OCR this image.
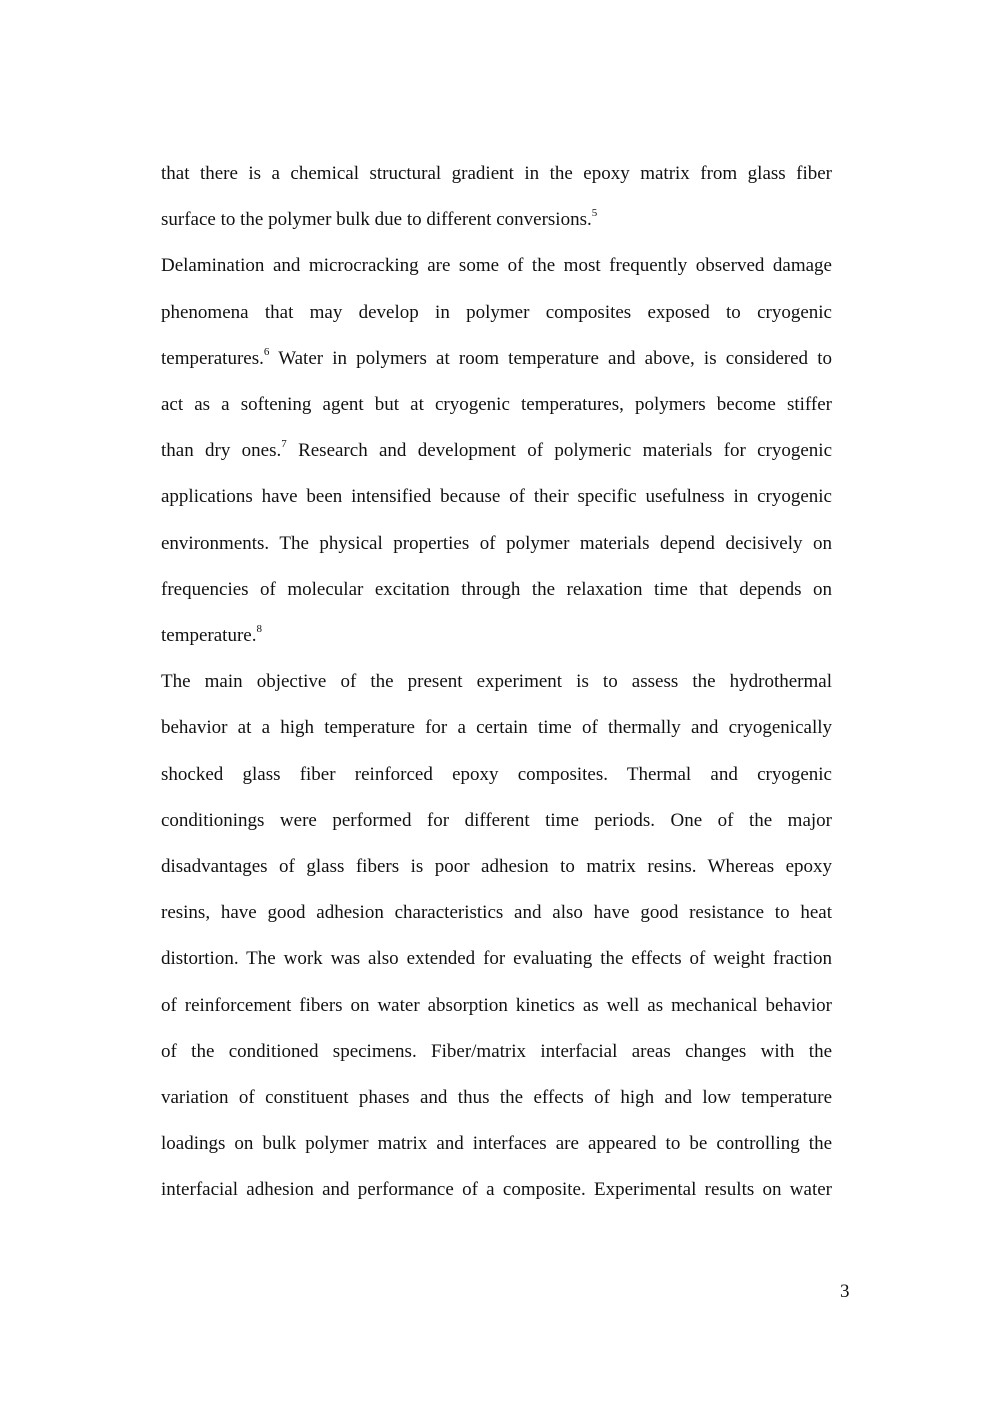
that there is a chemical structural gradient in the epoxy matrix from glass fiber
surface to the polymer bulk due to different conversions.$^5$
Delamination and microcracking are some of the most frequently observed damage
phenomena that may develop in polymer composites exposed to cryogenic
temperatures.$^6$ Water in polymers at room temperature and above, is considered to
act as a softening agent but at cryogenic temperatures, polymers become stiffer
than dry ones.$^7$ Research and development of polymeric materials for cryogenic
applications have been intensified because of their specific usefulness in cryogenic
environments. The physical properties of polymer materials depend decisively on
frequencies of molecular excitation through the relaxation time that depends on
temperature.$^8$
The main objective of the present experiment is to assess the hydrothermal
behavior at a high temperature for a certain time of thermally and cryogenically
shocked glass fiber reinforced epoxy composites. Thermal and cryogenic
conditionings were performed for different time periods. One of the major
disadvantages of glass fibers is poor adhesion to matrix resins. Whereas epoxy
resins, have good adhesion characteristics and also have good resistance to heat
distortion. The work was also extended for evaluating the effects of weight fraction
of reinforcement fibers on water absorption kinetics as well as mechanical behavior
of the conditioned specimens. Fiber/matrix interfacial areas changes with the
variation of constituent phases and thus the effects of high and low temperature
loadings on bulk polymer matrix and interfaces are appeared to be controlling the
interfacial adhesion and performance of a composite. Experimental results on water
3
